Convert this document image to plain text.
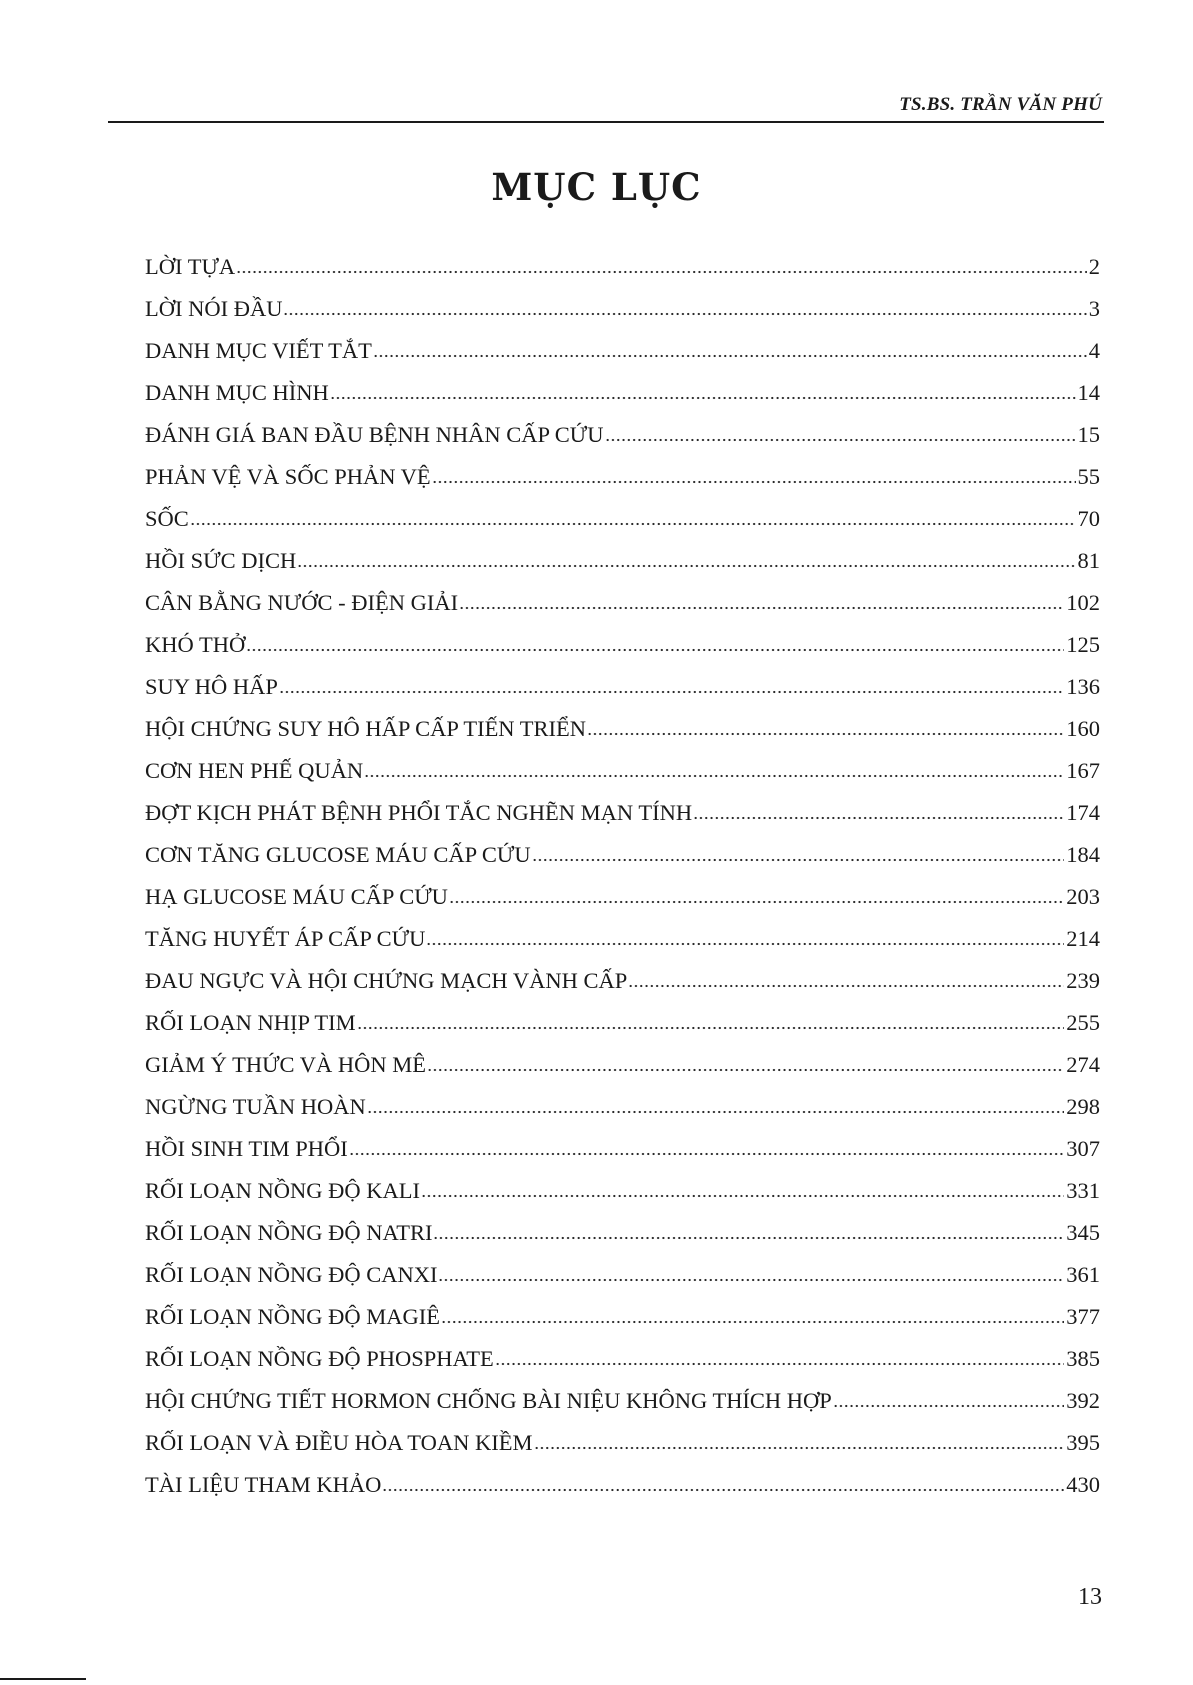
TS.BS. TRẦN VĂN PHÚ
MỤC LỤC
LỜI TỰA	2
LỜI NÓI ĐẦU	3
DANH MỤC VIẾT TẮT	4
DANH MỤC HÌNH	14
ĐÁNH GIÁ BAN ĐẦU BỆNH NHÂN CẤP CỨU	15
PHẢN VỆ VÀ SỐC PHẢN VỆ	55
SỐC	70
HỒI SỨC DỊCH	81
CÂN BẰNG NƯỚC - ĐIỆN GIẢI	102
KHÓ THỞ	125
SUY HÔ HẤP	136
HỘI CHỨNG SUY HÔ HẤP CẤP TIẾN TRIỂN	160
CƠN HEN PHẾ QUẢN	167
ĐỢT KỊCH PHÁT BỆNH PHỔI TẮC NGHẼN MẠN TÍNH	174
CƠN TĂNG GLUCOSE MÁU CẤP CỨU	184
HẠ GLUCOSE MÁU CẤP CỨU	203
TĂNG HUYẾT ÁP CẤP CỨU	214
ĐAU NGỰC VÀ HỘI CHỨNG MẠCH VÀNH CẤP	239
RỐI LOẠN NHỊP TIM	255
GIẢM Ý THỨC VÀ HÔN MÊ	274
NGỪNG TUẦN HOÀN	298
HỒI SINH TIM PHỔI	307
RỐI LOẠN NỒNG ĐỘ KALI	331
RỐI LOẠN NỒNG ĐỘ NATRI	345
RỐI LOẠN NỒNG ĐỘ CANXI	361
RỐI LOẠN NỒNG ĐỘ MAGIÊ	377
RỐI LOẠN NỒNG ĐỘ PHOSPHATE	385
HỘI CHỨNG TIẾT HORMON CHỐNG BÀI NIỆU KHÔNG THÍCH HỢP	392
RỐI LOẠN VÀ ĐIỀU HÒA TOAN KIỀM	395
TÀI LIỆU THAM KHẢO	430
13
